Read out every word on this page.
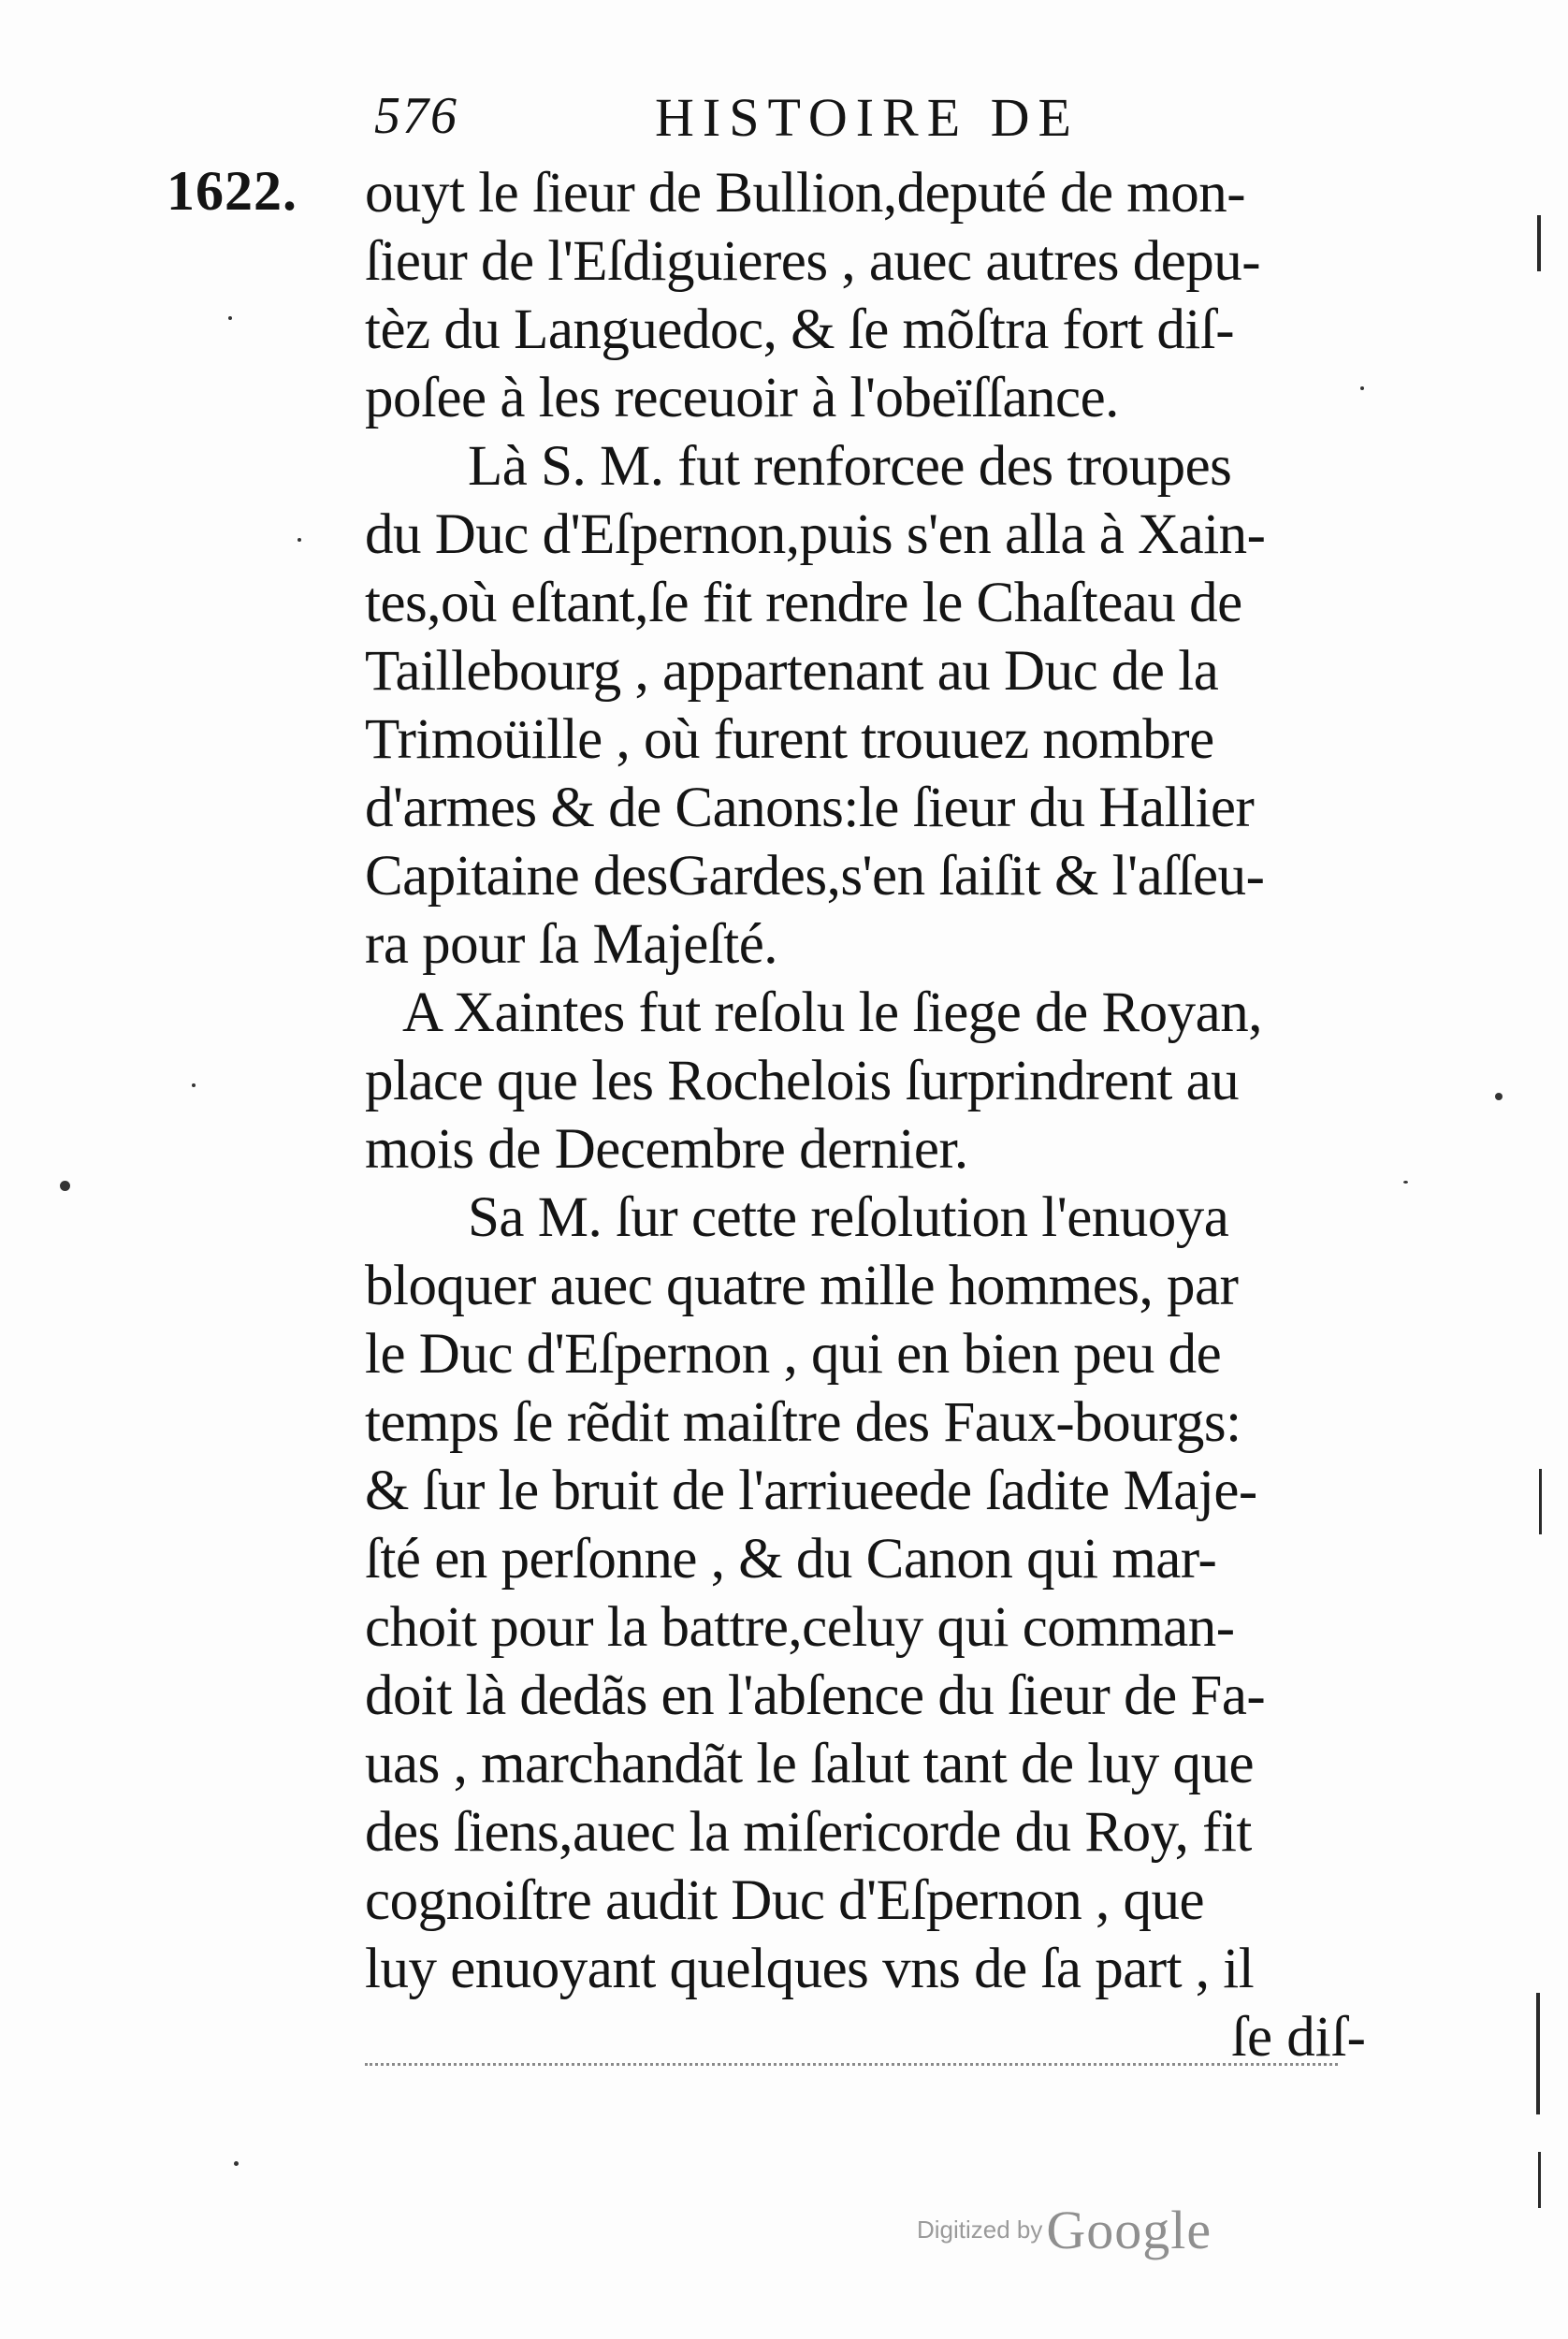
576	HISTOIRE DE
1622. ouyt le ſieur de Bullion,deputé de mon-
ſieur de l'Eſdiguieres , auec autres depu-
tèz du Languedoc, & ſe mõſtra fort diſ-
poſee à les receuoir à l'obeïſſance.
Là S. M. fut renforcee des troupes
du Duc d'Eſpernon,puis s'en alla à Xain-
tes,où eſtant,ſe fit rendre le Chaſteau de
Taillebourg , appartenant au Duc de la
Trimoüille , où furent trouuez nombre
d'armes & de Canons:le ſieur du Hallier
Capitaine desGardes,s'en ſaiſit & l'aſſeu-
ra pour ſa Majeſté.
A Xaintes fut reſolu le ſiege de Royan,
place que les Rochelois ſurprindrent au
mois de Decembre dernier.
Sa M. ſur cette reſolution l'enuoya
bloquer auec quatre mille hommes, par
le Duc d'Eſpernon , qui en bien peu de
temps ſe rẽdit maiſtre des Faux-bourgs:
& ſur le bruit de l'arriueede ſadite Maje-
ſté en perſonne , & du Canon qui mar-
choit pour la battre,celuy qui comman-
doit là dedãs en l'abſence du ſieur de Fa-
uas , marchandãt le ſalut tant de luy que
des ſiens,auec la miſericorde du Roy, fit
cognoiſtre audit Duc d'Eſpernon , que
luy enuoyant quelques vns de ſa part , il
ſe diſ-
Digitized by Google
